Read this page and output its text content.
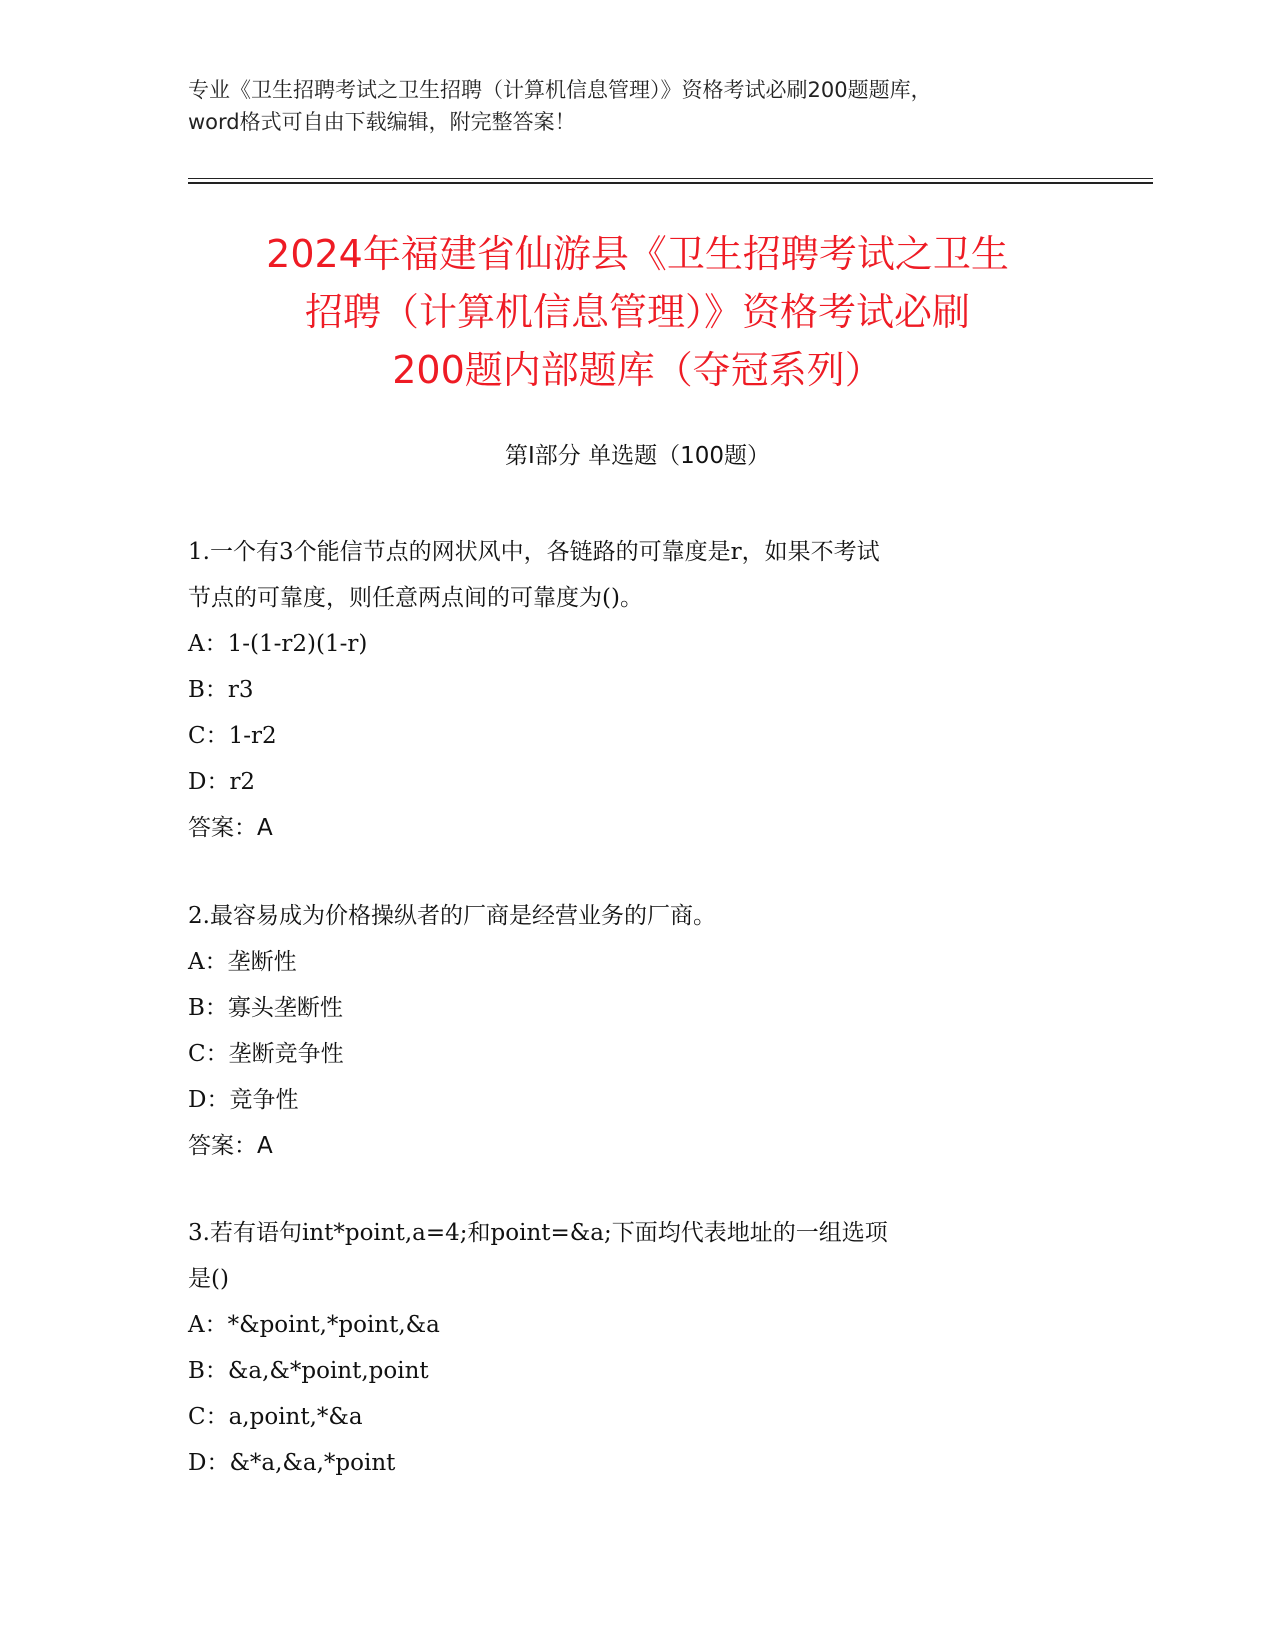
专业《卫生招聘考试之卫生招聘（计算机信息管理）》资格考试必刷200题题库，
word格式可自由下载编辑，附完整答案！
2024年福建省仙游县《卫生招聘考试之卫生
招聘（计算机信息管理）》资格考试必刷
200题内部题库（夺冠系列）
第I部分 单选题（100题）
1.一个有3个能信节点的网状风中，各链路的可靠度是r，如果不考试
节点的可靠度，则任意两点间的可靠度为()。
A：1-(1-r2)(1-r)
B：r3
C：1-r2
D：r2
答案：A
2.最容易成为价格操纵者的厂商是经营业务的厂商。
A：垄断性
B：寡头垄断性
C：垄断竞争性
D：竞争性
答案：A
3.若有语句int*point,a=4;和point=&a;下面均代表地址的一组选项
是()
A：*&point,*point,&a
B：&a,&*point,point
C：a,point,*&a
D：&*a,&a,*point
